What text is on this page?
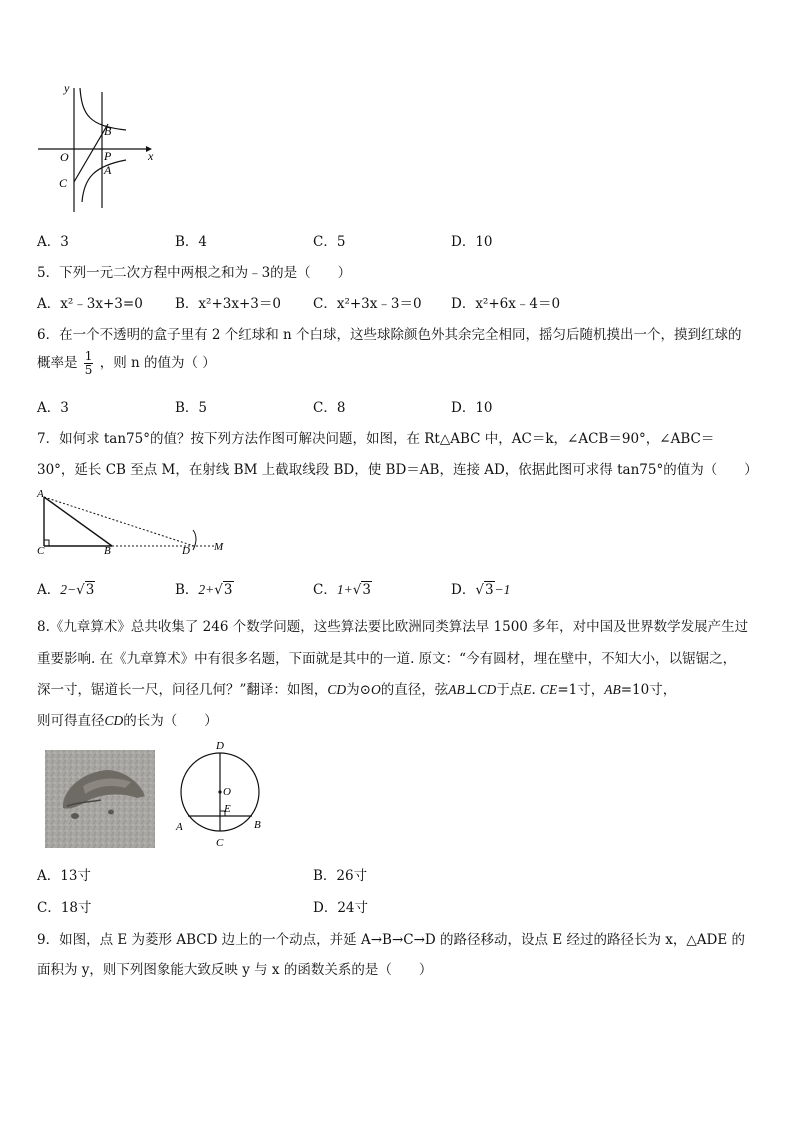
y
x
O
B
P
A
C
A．3	B．4	C．5	D．10
5．下列一元二次方程中两根之和为﹣3的是（　　）
A．x²﹣3x+3=0 B．x²+3x+3＝0 C．x²+3x﹣3＝0 D．x²+6x﹣4＝0
6．在一个不透明的盒子里有 2 个红球和 n 个白球，这些球除颜色外其余完全相同，摇匀后随机摸出一个，摸到红球的
概率是 $\frac{1}{5}$ ，则 n 的值为（ ）
A．3	B．5	C．8	D．10
7．如何求 tan75°的值？按下列方法作图可解决问题，如图，在 Rt△ABC 中，AC＝k，∠ACB＝90°，∠ABC＝
30°，延长 CB 至点 M，在射线 BM 上截取线段 BD，使 BD＝AB，连接 AD，依据此图可求得 tan75°的值为（　　）
A
C	B	D M
A．2−√3	B．2+√3	C．1+√3	D．√3−1
8.《九章算术》总共收集了 246 个数学问题，这些算法要比欧洲同类算法早 1500 多年，对中国及世界数学发展产生过
重要影响. 在《九章算术》中有很多名题，下面就是其中的一道. 原文：“今有圆材，埋在壁中，不知大小，以锯锯之，
深一寸，锯道长一尺，问径几何？”翻译：如图，CD为⊙O的直径，弦AB⊥CD于点E. CE=1寸，AB=10寸，
则可得直径CD的长为（　　）
D
O
E
A	B
C
A．13寸	B．26寸
C．18寸	D．24寸
9．如图，点 E 为菱形 ABCD 边上的一个动点，并延 A→B→C→D 的路径移动，设点 E 经过的路径长为 x，△ADE 的
面积为 y，则下列图象能大致反映 y 与 x 的函数关系的是（　　）
